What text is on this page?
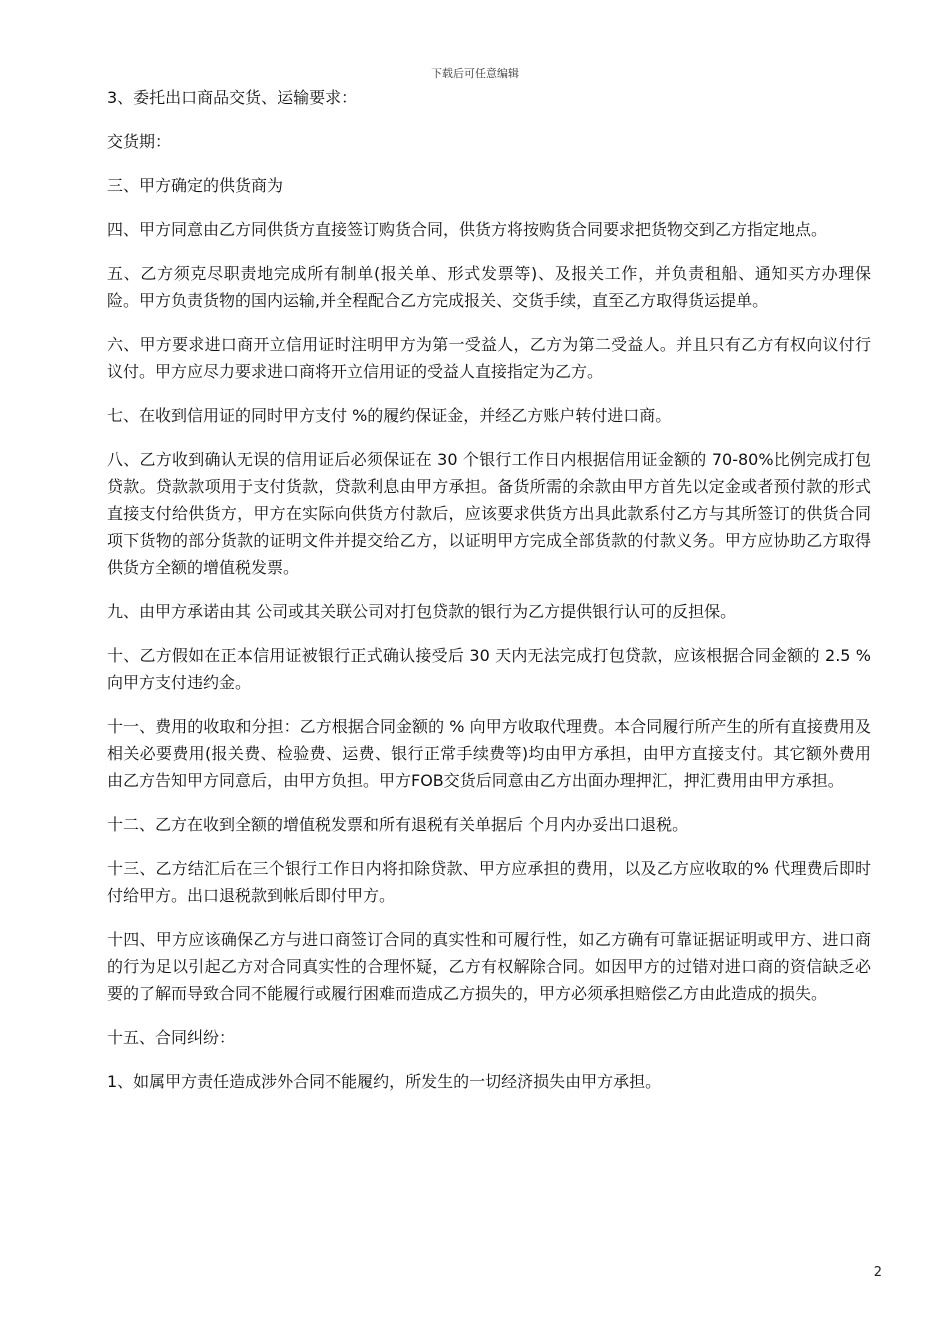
下载后可任意编辑

3、委托出口商品交货、运输要求：

交货期：

三、甲方确定的供货商为

四、甲方同意由乙方同供货方直接签订购货合同，供货方将按购货合同要求把货物交到乙方指定地点。

五、乙方须克尽职责地完成所有制单(报关单、形式发票等)、及报关工作，并负责租船、通知买方办理保险。甲方负责货物的国内运输,并全程配合乙方完成报关、交货手续，直至乙方取得货运提单。

六、甲方要求进口商开立信用证时注明甲方为第一受益人，乙方为第二受益人。并且只有乙方有权向议付行议付。甲方应尽力要求进口商将开立信用证的受益人直接指定为乙方。

七、在收到信用证的同时甲方支付 %的履约保证金，并经乙方账户转付进口商。

八、乙方收到确认无误的信用证后必须保证在 30 个银行工作日内根据信用证金额的 70-80%比例完成打包贷款。贷款款项用于支付货款，贷款利息由甲方承担。备货所需的余款由甲方首先以定金或者预付款的形式直接支付给供货方，甲方在实际向供货方付款后，应该要求供货方出具此款系付乙方与其所签订的供货合同项下货物的部分货款的证明文件并提交给乙方，以证明甲方完成全部货款的付款义务。甲方应协助乙方取得供货方全额的增值税发票。

九、由甲方承诺由其 公司或其关联公司对打包贷款的银行为乙方提供银行认可的反担保。

十、乙方假如在正本信用证被银行正式确认接受后 30 天内无法完成打包贷款，应该根据合同金额的 2.5 %向甲方支付违约金。

十一、费用的收取和分担：乙方根据合同金额的 % 向甲方收取代理费。本合同履行所产生的所有直接费用及相关必要费用(报关费、检验费、运费、银行正常手续费等)均由甲方承担，由甲方直接支付。其它额外费用由乙方告知甲方同意后，由甲方负担。甲方FOB交货后同意由乙方出面办理押汇，押汇费用由甲方承担。

十二、乙方在收到全额的增值税发票和所有退税有关单据后 个月内办妥出口退税。

十三、乙方结汇后在三个银行工作日内将扣除贷款、甲方应承担的费用，以及乙方应收取的% 代理费后即时付给甲方。出口退税款到帐后即付甲方。

十四、甲方应该确保乙方与进口商签订合同的真实性和可履行性，如乙方确有可靠证据证明或甲方、进口商的行为足以引起乙方对合同真实性的合理怀疑，乙方有权解除合同。如因甲方的过错对进口商的资信缺乏必要的了解而导致合同不能履行或履行困难而造成乙方损失的，甲方必须承担赔偿乙方由此造成的损失。

十五、合同纠纷：

1、如属甲方责任造成涉外合同不能履约，所发生的一切经济损失由甲方承担。

2
